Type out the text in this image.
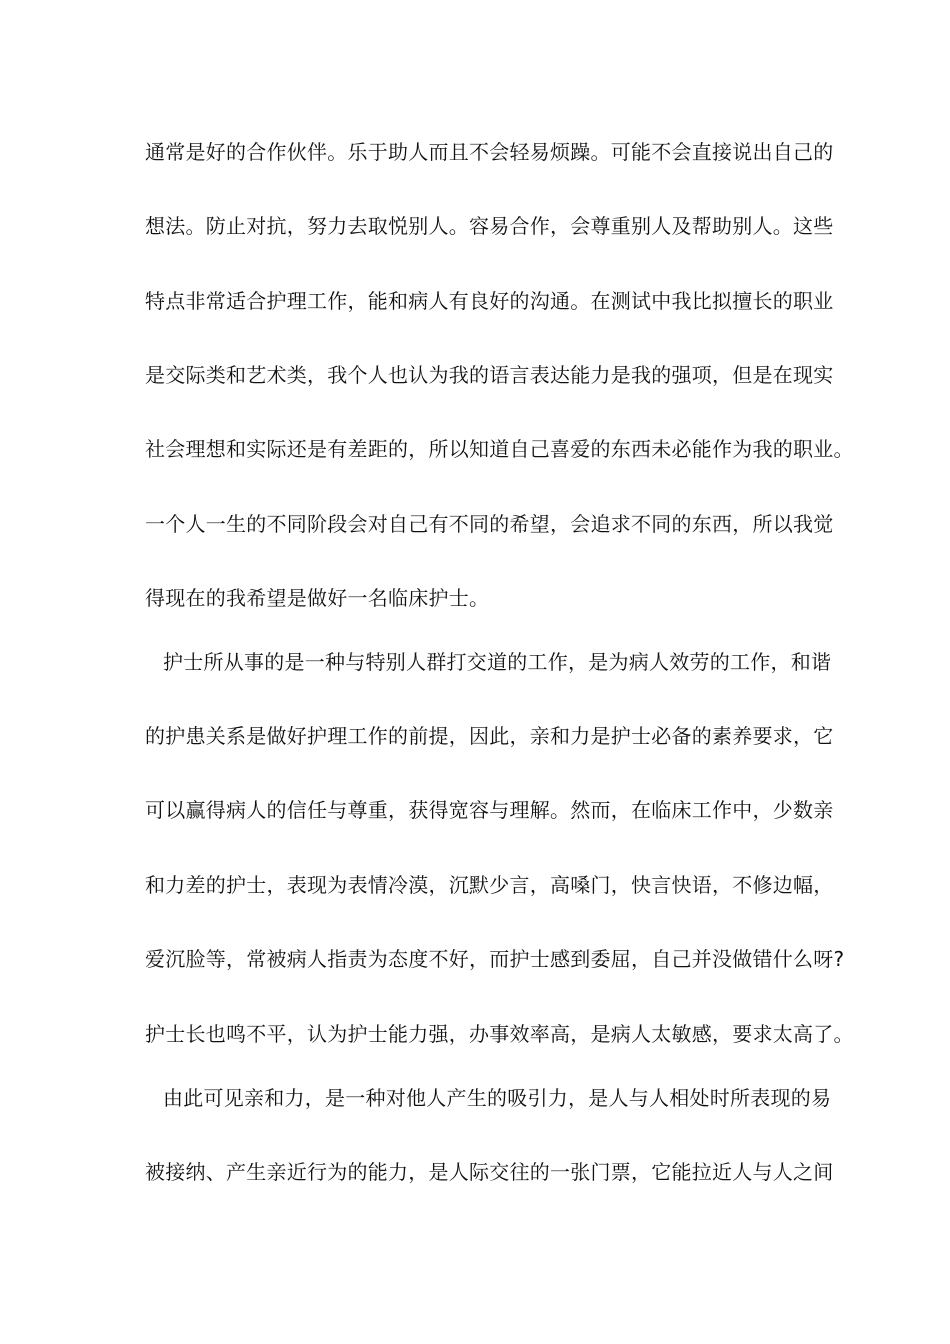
通常是好的合作伙伴。乐于助人而且不会轻易烦躁。可能不会直接说出自己的
想法。防止对抗，努力去取悦别人。容易合作，会尊重别人及帮助别人。这些
特点非常适合护理工作，能和病人有良好的沟通。在测试中我比拟擅长的职业
是交际类和艺术类，我个人也认为我的语言表达能力是我的强项，但是在现实
社会理想和实际还是有差距的，所以知道自己喜爱的东西未必能作为我的职业。
一个人一生的不同阶段会对自己有不同的希望，会追求不同的东西，所以我觉
得现在的我希望是做好一名临床护士。
护士所从事的是一种与特别人群打交道的工作，是为病人效劳的工作，和谐
的护患关系是做好护理工作的前提，因此，亲和力是护士必备的素养要求，它
可以赢得病人的信任与尊重，获得宽容与理解。然而，在临床工作中，少数亲
和力差的护士，表现为表情冷漠，沉默少言，高嗓门，快言快语，不修边幅，
爱沉脸等，常被病人指责为态度不好，而护士感到委屈，自己并没做错什么呀?
护士长也鸣不平，认为护士能力强，办事效率高，是病人太敏感，要求太高了。
由此可见亲和力，是一种对他人产生的吸引力，是人与人相处时所表现的易
被接纳、产生亲近行为的能力，是人际交往的一张门票，它能拉近人与人之间
